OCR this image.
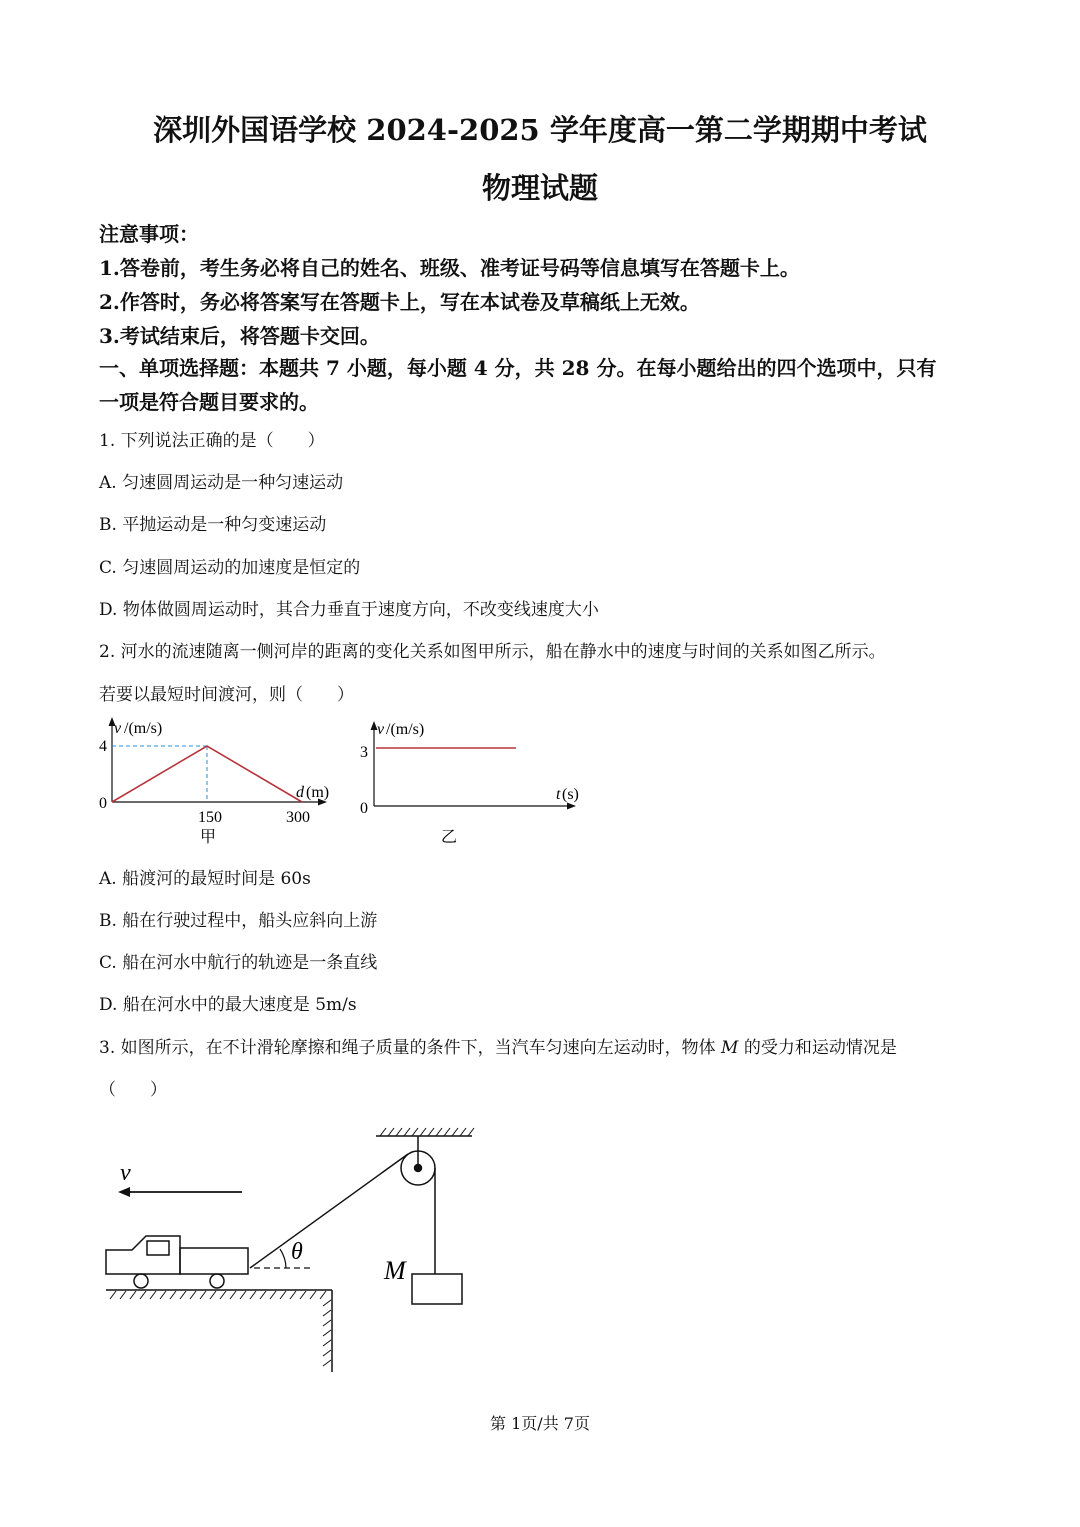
深圳外国语学校 2024-2025 学年度高一第二学期期中考试
物理试题
注意事项：
1.答卷前，考生务必将自己的姓名、班级、准考证号码等信息填写在答题卡上。
2.作答时，务必将答案写在答题卡上，写在本试卷及草稿纸上无效。
3.考试结束后，将答题卡交回。
一、单项选择题：本题共 7 小题，每小题 4 分，共 28 分。在每小题给出的四个选项中，只有
一项是符合题目要求的。
1. 下列说法正确的是（　　）
A. 匀速圆周运动是一种匀速运动
B. 平抛运动是一种匀变速运动
C. 匀速圆周运动的加速度是恒定的
D. 物体做圆周运动时，其合力垂直于速度方向，不改变线速度大小
2. 河水的流速随离一侧河岸的距离的变化关系如图甲所示，船在静水中的速度与时间的关系如图乙所示。
若要以最短时间渡河，则（　　）
v /(m/s)
4
0
150	300
d (m)
甲
v /(m/s)
3
0
t (s)
乙
v
θ
M
A. 船渡河的最短时间是 60s
B. 船在行驶过程中，船头应斜向上游
C. 船在河水中航行的轨迹是一条直线
D. 船在河水中的最大速度是 5m/s
3. 如图所示，在不计滑轮摩擦和绳子质量的条件下，当汽车匀速向左运动时，物体 M 的受力和运动情况是
（　　）
第 1页/共 7页
